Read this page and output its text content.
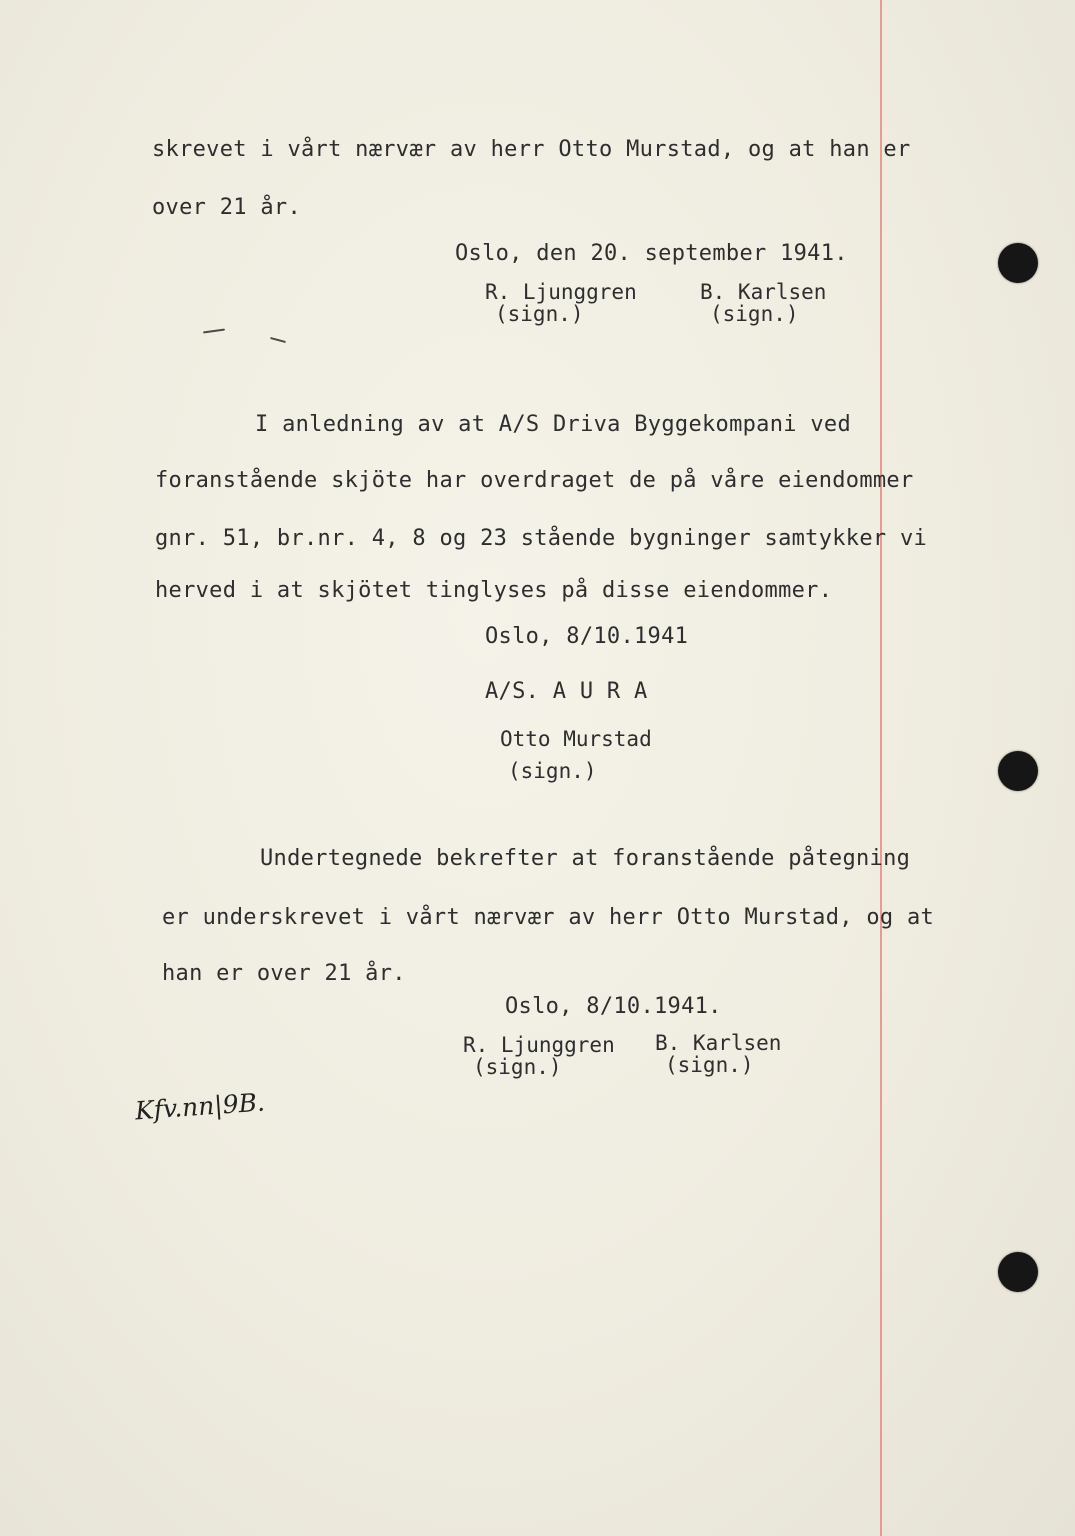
skrevet i vårt nærvær av herr Otto Murstad, og at han er
over 21 år.
Oslo, den 20. september 1941.
R. Ljunggren
(sign.)
B. Karlsen
(sign.)
I anledning av at A/S Driva Byggekompani ved
foranstående skjöte har overdraget de på våre eiendommer
gnr. 51, br.nr. 4, 8 og 23 stående bygninger samtykker vi
herved i at skjötet tinglyses på disse eiendommer.
Oslo, 8/10.1941
A/S. A U R A
Otto Murstad
(sign.)
Undertegnede bekrefter at foranstående påtegning
er underskrevet i vårt nærvær av herr Otto Murstad, og at
han er over 21 år.
Oslo, 8/10.1941.
R. Ljunggren
(sign.)
B. Karlsen
(sign.)
Kfv.nn|9B.
